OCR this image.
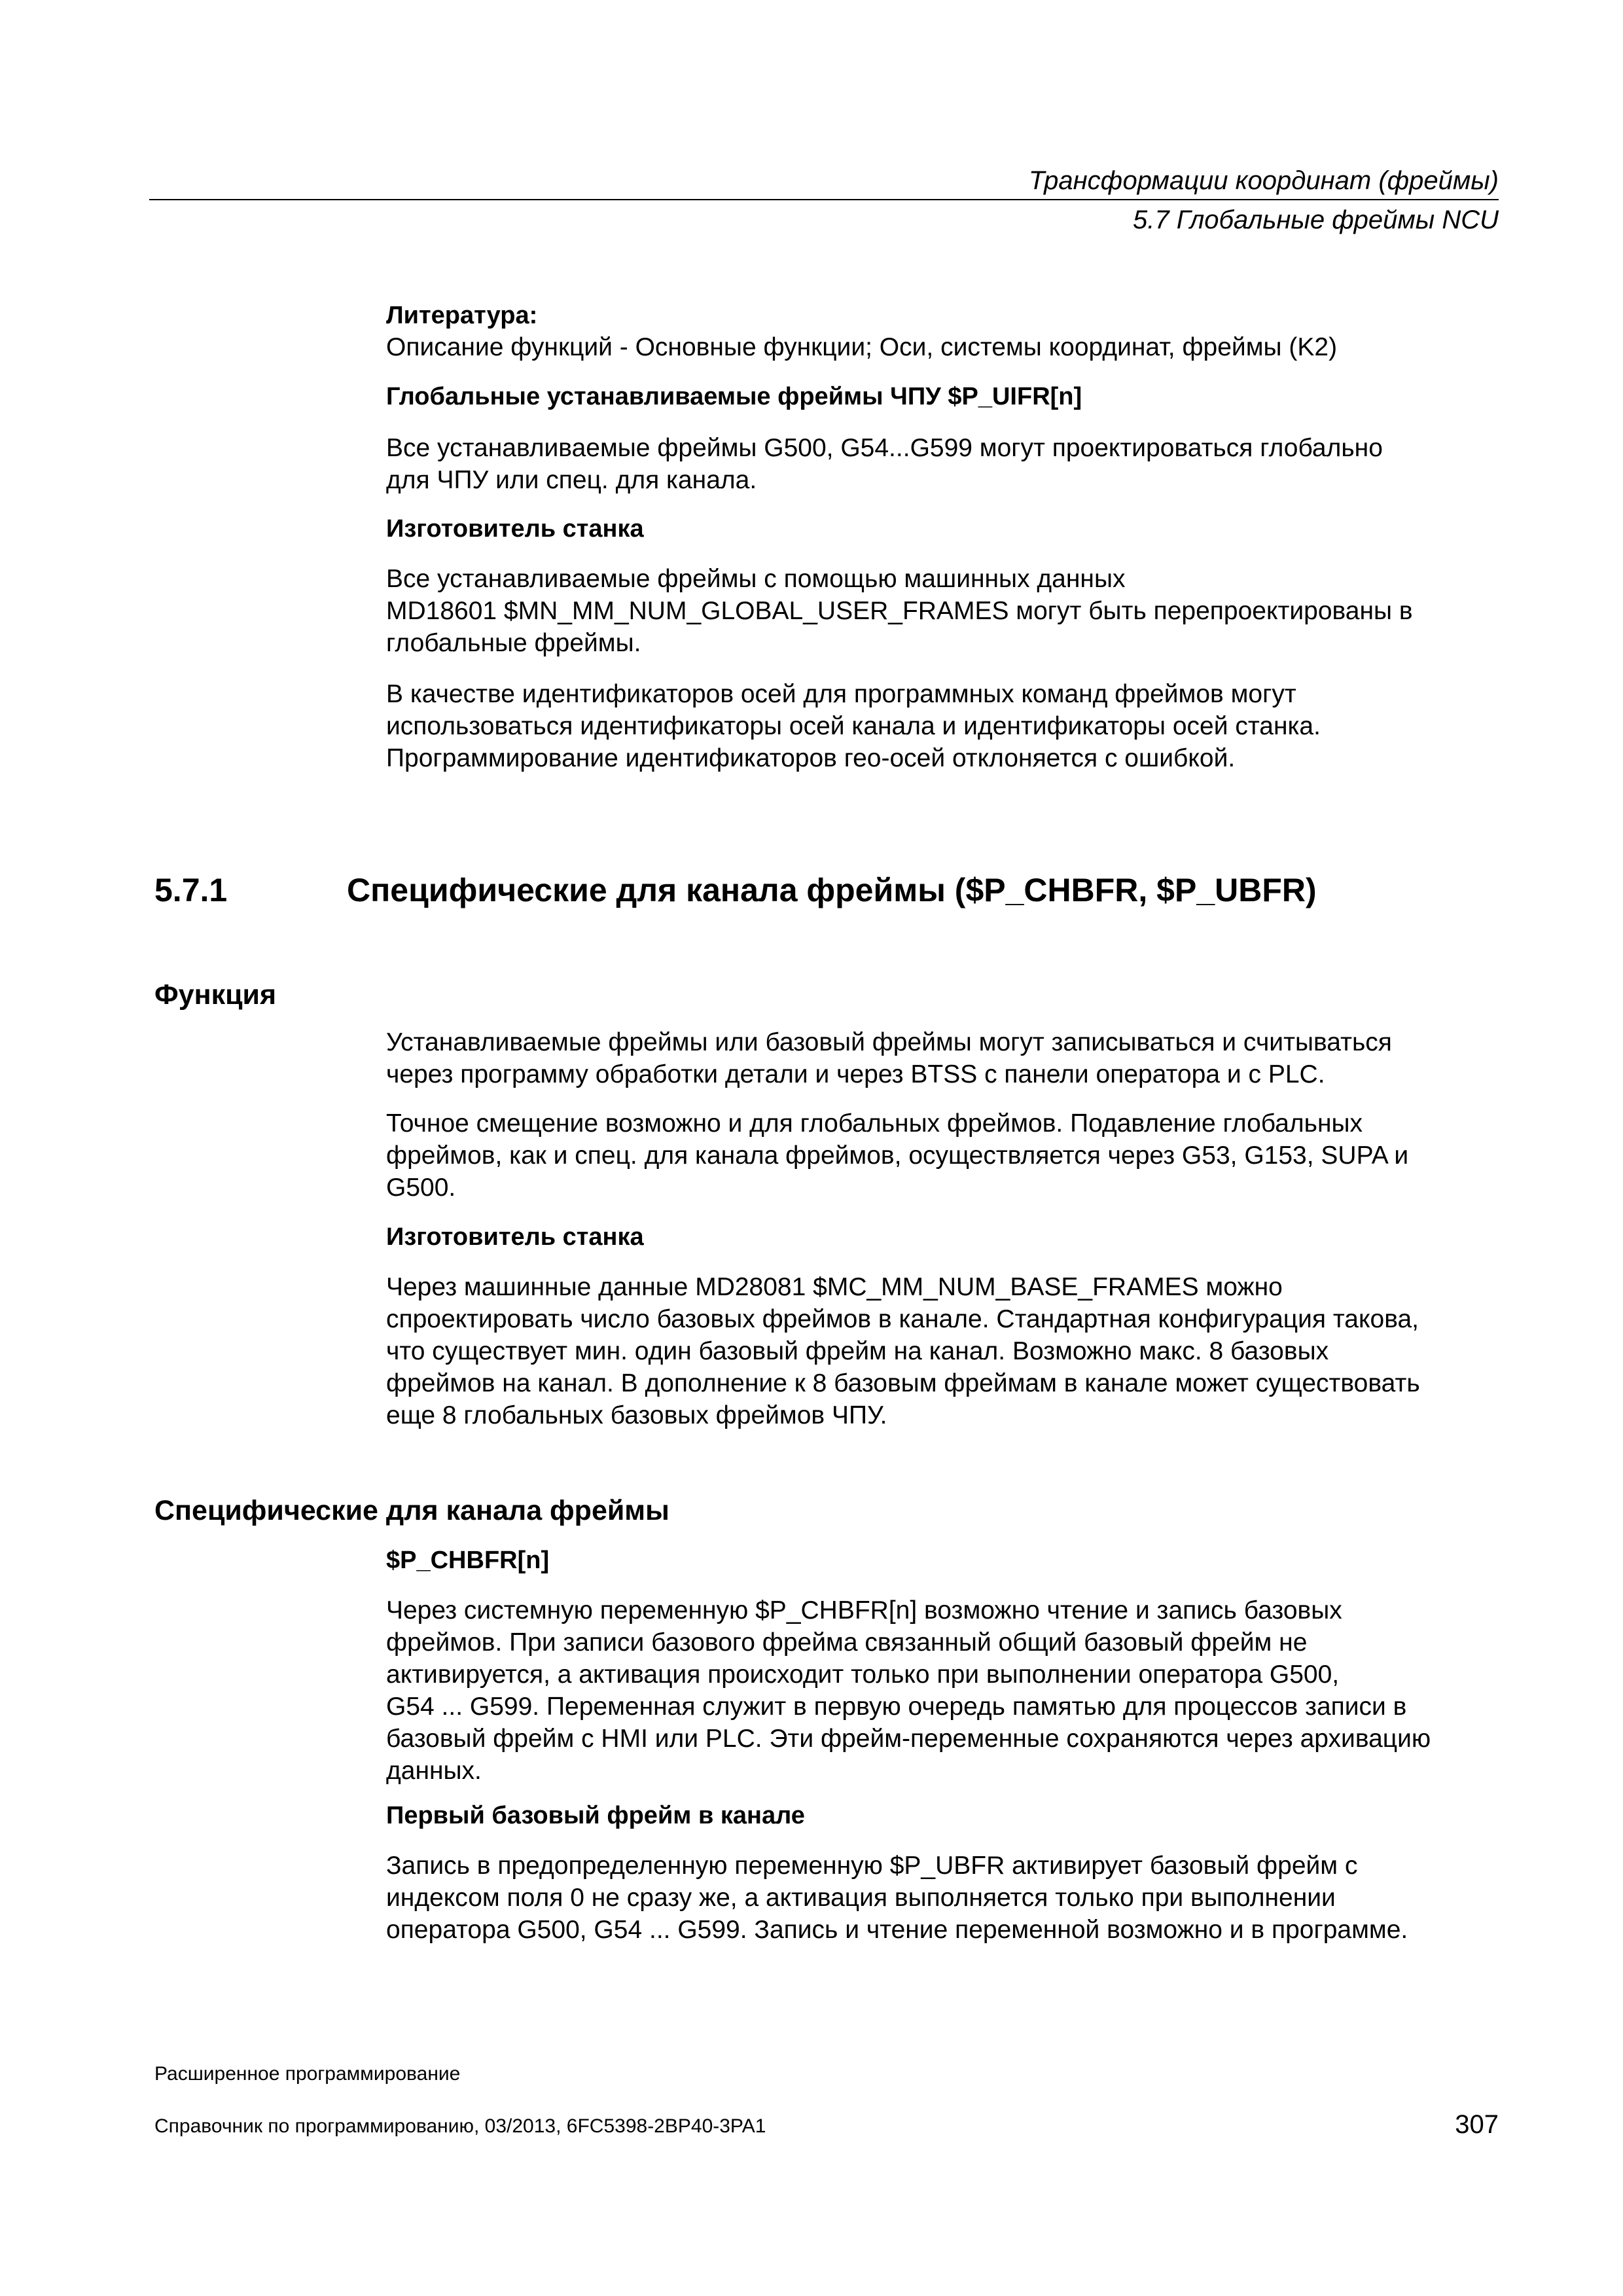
Трансформации координат (фреймы)
5.7 Глобальные фреймы NCU
Литература:
Описание функций - Основные функции; Оси, системы координат, фреймы (K2)
Глобальные устанавливаемые фреймы ЧПУ $P_UIFR[n]
Все устанавливаемые фреймы G500, G54...G599 могут проектироваться глобально
для ЧПУ или спец. для канала.
Изготовитель станка
Все устанавливаемые фреймы с помощью машинных данных
MD18601 $MN_MM_NUM_GLOBAL_USER_FRAMES могут быть перепроектированы в
глобальные фреймы.
В качестве идентификаторов осей для программных команд фреймов могут
использоваться идентификаторы осей канала и идентификаторы осей станка.
Программирование идентификаторов гео-осей отклоняется с ошибкой.
5.7.1	Специфические для канала фреймы ($P_CHBFR, $P_UBFR)
Функция
Устанавливаемые фреймы или базовый фреймы могут записываться и считываться
через программу обработки детали и через BTSS с панели оператора и с PLC.
Точное смещение возможно и для глобальных фреймов. Подавление глобальных
фреймов, как и спец. для канала фреймов, осуществляется через G53, G153, SUPA и
G500.
Изготовитель станка
Через машинные данные MD28081 $MC_MM_NUM_BASE_FRAMES можно
спроектировать число базовых фреймов в канале. Стандартная конфигурация такова,
что существует мин. один базовый фрейм на канал. Возможно макс. 8 базовых
фреймов на канал. В дополнение к 8 базовым фреймам в канале может существовать
еще 8 глобальных базовых фреймов ЧПУ.
Специфические для канала фреймы
$P_CHBFR[n]
Через системную переменную $P_CHBFR[n] возможно чтение и запись базовых
фреймов. При записи базового фрейма связанный общий базовый фрейм не
активируется, а активация происходит только при выполнении оператора G500,
G54 ... G599. Переменная служит в первую очередь памятью для процессов записи в
базовый фрейм с HMI или PLC. Эти фрейм-переменные сохраняются через архивацию
данных.
Первый базовый фрейм в канале
Запись в предопределенную переменную $P_UBFR активирует базовый фрейм с
индексом поля 0 не сразу же, а активация выполняется только при выполнении
оператора G500, G54 ... G599. Запись и чтение переменной возможно и в программе.
Расширенное программирование
Справочник по программированию, 03/2013, 6FC5398-2BP40-3PA1	307
